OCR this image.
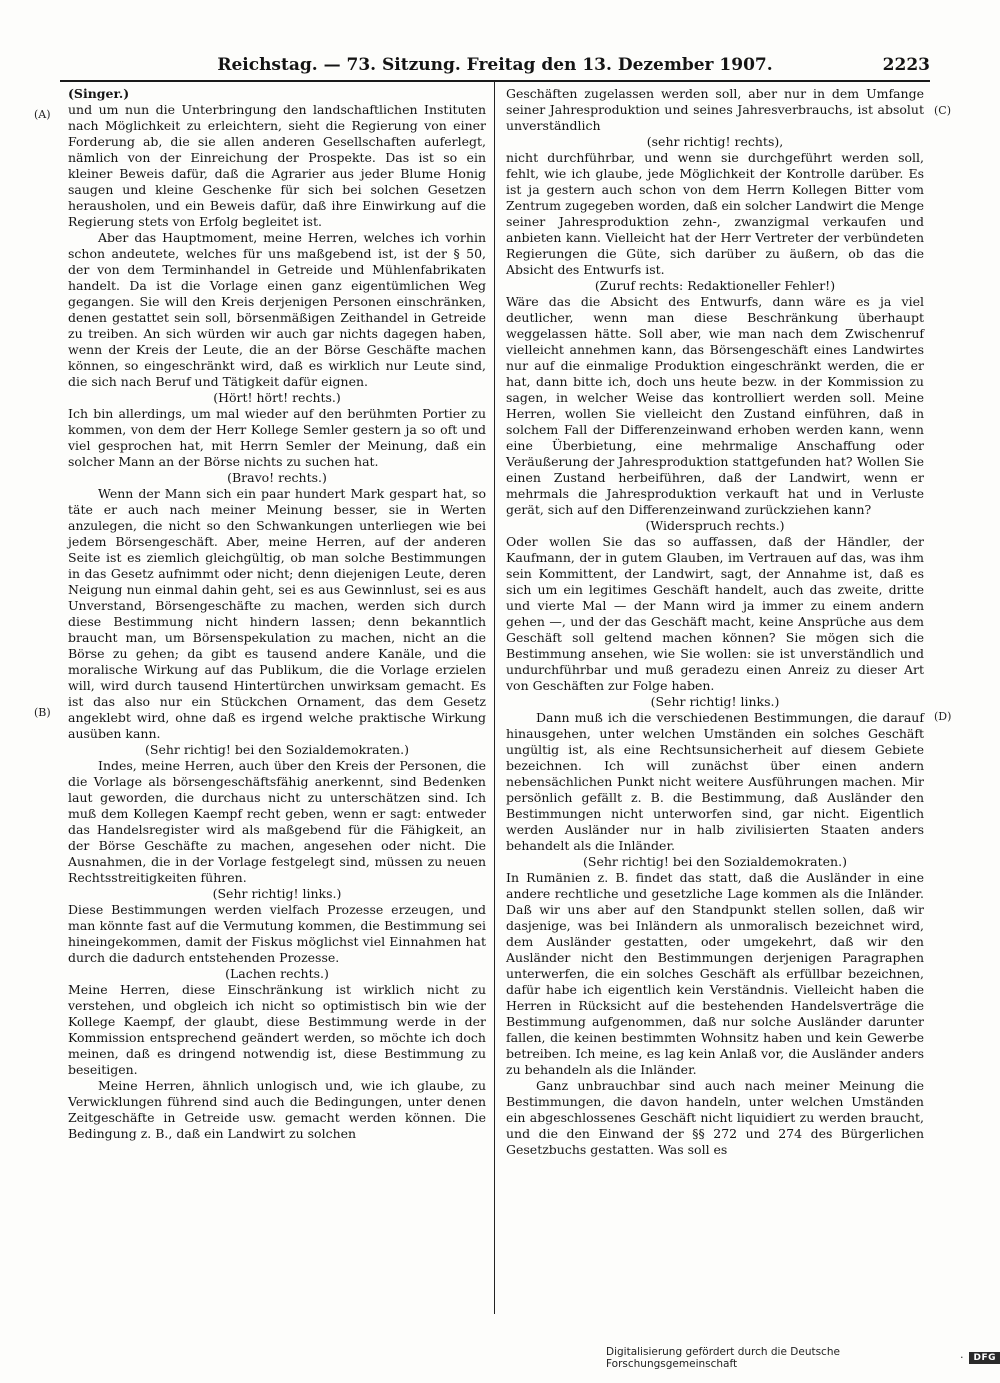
Reichstag. — 73. Sitzung. Freitag den 13. Dezember 1907.	2223
(A)
(B)
(C)
(D)

(Singer.)

und um nun die Unterbringung den landschaftlichen Instituten nach Möglichkeit zu erleichtern, sieht die Regierung von einer Forderung ab, die sie allen anderen Gesellschaften auferlegt, nämlich von der Einreichung der Prospekte. Das ist so ein kleiner Beweis dafür, daß die Agrarier aus jeder Blume Honig saugen und kleine Geschenke für sich bei solchen Gesetzen herausholen, und ein Beweis dafür, daß ihre Einwirkung auf die Regierung stets von Erfolg begleitet ist.

Aber das Hauptmoment, meine Herren, welches ich vorhin schon andeutete, welches für uns maßgebend ist, ist der § 50, der von dem Terminhandel in Getreide und Mühlenfabrikaten handelt. Da ist die Vorlage einen ganz eigentümlichen Weg gegangen. Sie will den Kreis derjenigen Personen einschränken, denen gestattet sein soll, börsenmäßigen Zeithandel in Getreide zu treiben. An sich würden wir auch gar nichts dagegen haben, wenn der Kreis der Leute, die an der Börse Geschäfte machen können, so eingeschränkt wird, daß es wirklich nur Leute sind, die sich nach Beruf und Tätigkeit dafür eignen.

(Hört! hört! rechts.)

Ich bin allerdings, um mal wieder auf den berühmten Portier zu kommen, von dem der Herr Kollege Semler gestern ja so oft und viel gesprochen hat, mit Herrn Semler der Meinung, daß ein solcher Mann an der Börse nichts zu suchen hat.

(Bravo! rechts.)

Wenn der Mann sich ein paar hundert Mark gespart hat, so täte er auch nach meiner Meinung besser, sie in Werten anzulegen, die nicht so den Schwankungen unterliegen wie bei jedem Börsengeschäft. Aber, meine Herren, auf der anderen Seite ist es ziemlich gleichgültig, ob man solche Bestimmungen in das Gesetz aufnimmt oder nicht; denn diejenigen Leute, deren Neigung nun einmal dahin geht, sei es aus Gewinnlust, sei es aus Unverstand, Börsengeschäfte zu machen, werden sich durch diese Bestimmung nicht hindern lassen; denn bekanntlich braucht man, um Börsenspekulation zu machen, nicht an die Börse zu gehen; da gibt es tausend andere Kanäle, und die moralische Wirkung auf das Publikum, die die Vorlage erzielen will, wird durch tausend Hintertürchen unwirksam gemacht. Es ist das also nur ein Stückchen Ornament, das dem Gesetz angeklebt wird, ohne daß es irgend welche praktische Wirkung ausüben kann.

(Sehr richtig! bei den Sozialdemokraten.)

Indes, meine Herren, auch über den Kreis der Personen, die die Vorlage als börsengeschäftsfähig anerkennt, sind Bedenken laut geworden, die durchaus nicht zu unterschätzen sind. Ich muß dem Kollegen Kaempf recht geben, wenn er sagt: entweder das Handelsregister wird als maßgebend für die Fähigkeit, an der Börse Geschäfte zu machen, angesehen oder nicht. Die Ausnahmen, die in der Vorlage festgelegt sind, müssen zu neuen Rechtsstreitigkeiten führen.

(Sehr richtig! links.)

Diese Bestimmungen werden vielfach Prozesse erzeugen, und man könnte fast auf die Vermutung kommen, die Bestimmung sei hineingekommen, damit der Fiskus möglichst viel Einnahmen hat durch die dadurch entstehenden Prozesse.

(Lachen rechts.)

Meine Herren, diese Einschränkung ist wirklich nicht zu verstehen, und obgleich ich nicht so optimistisch bin wie der Kollege Kaempf, der glaubt, diese Bestimmung werde in der Kommission entsprechend geändert werden, so möchte ich doch meinen, daß es dringend notwendig ist, diese Bestimmung zu beseitigen.

Meine Herren, ähnlich unlogisch und, wie ich glaube, zu Verwicklungen führend sind auch die Bedingungen, unter denen Zeitgeschäfte in Getreide usw. gemacht werden können. Die Bedingung z. B., daß ein Landwirt zu solchen

Geschäften zugelassen werden soll, aber nur in dem Umfange seiner Jahresproduktion und seines Jahresverbrauchs, ist absolut unverständlich

(sehr richtig! rechts),

nicht durchführbar, und wenn sie durchgeführt werden soll, fehlt, wie ich glaube, jede Möglichkeit der Kontrolle darüber. Es ist ja gestern auch schon von dem Herrn Kollegen Bitter vom Zentrum zugegeben worden, daß ein solcher Landwirt die Menge seiner Jahresproduktion zehn-, zwanzigmal verkaufen und anbieten kann. Vielleicht hat der Herr Vertreter der verbündeten Regierungen die Güte, sich darüber zu äußern, ob das die Absicht des Entwurfs ist.

(Zuruf rechts: Redaktioneller Fehler!)

Wäre das die Absicht des Entwurfs, dann wäre es ja viel deutlicher, wenn man diese Beschränkung überhaupt weggelassen hätte. Soll aber, wie man nach dem Zwischenruf vielleicht annehmen kann, das Börsengeschäft eines Landwirtes nur auf die einmalige Produktion eingeschränkt werden, die er hat, dann bitte ich, doch uns heute bezw. in der Kommission zu sagen, in welcher Weise das kontrolliert werden soll. Meine Herren, wollen Sie vielleicht den Zustand einführen, daß in solchem Fall der Differenzeinwand erhoben werden kann, wenn eine Überbietung, eine mehrmalige Anschaffung oder Veräußerung der Jahresproduktion stattgefunden hat? Wollen Sie einen Zustand herbeiführen, daß der Landwirt, wenn er mehrmals die Jahresproduktion verkauft hat und in Verluste gerät, sich auf den Differenzeinwand zurückziehen kann?

(Widerspruch rechts.)

Oder wollen Sie das so auffassen, daß der Händler, der Kaufmann, der in gutem Glauben, im Vertrauen auf das, was ihm sein Kommittent, der Landwirt, sagt, der Annahme ist, daß es sich um ein legitimes Geschäft handelt, auch das zweite, dritte und vierte Mal — der Mann wird ja immer zu einem andern gehen —, und der das Geschäft macht, keine Ansprüche aus dem Geschäft soll geltend machen können? Sie mögen sich die Bestimmung ansehen, wie Sie wollen: sie ist unverständlich und undurchführbar und muß geradezu einen Anreiz zu dieser Art von Geschäften zur Folge haben.

(Sehr richtig! links.)

Dann muß ich die verschiedenen Bestimmungen, die darauf hinausgehen, unter welchen Umständen ein solches Geschäft ungültig ist, als eine Rechtsunsicherheit auf diesem Gebiete bezeichnen. Ich will zunächst über einen andern nebensächlichen Punkt nicht weitere Ausführungen machen. Mir persönlich gefällt z. B. die Bestimmung, daß Ausländer den Bestimmungen nicht unterworfen sind, gar nicht. Eigentlich werden Ausländer nur in halb zivilisierten Staaten anders behandelt als die Inländer.

(Sehr richtig! bei den Sozialdemokraten.)

In Rumänien z. B. findet das statt, daß die Ausländer in eine andere rechtliche und gesetzliche Lage kommen als die Inländer. Daß wir uns aber auf den Standpunkt stellen sollen, daß wir dasjenige, was bei Inländern als unmoralisch bezeichnet wird, dem Ausländer gestatten, oder umgekehrt, daß wir den Ausländer nicht den Bestimmungen derjenigen Paragraphen unterwerfen, die ein solches Geschäft als erfüllbar bezeichnen, dafür habe ich eigentlich kein Verständnis. Vielleicht haben die Herren in Rücksicht auf die bestehenden Handelsverträge die Bestimmung aufgenommen, daß nur solche Ausländer darunter fallen, die keinen bestimmten Wohnsitz haben und kein Gewerbe betreiben. Ich meine, es lag kein Anlaß vor, die Ausländer anders zu behandeln als die Inländer.

Ganz unbrauchbar sind auch nach meiner Meinung die Bestimmungen, die davon handeln, unter welchen Umständen ein abgeschlossenes Geschäft nicht liquidiert zu werden braucht, und die den Einwand der §§ 272 und 274 des Bürgerlichen Gesetzbuchs gestatten. Was soll es

Digitalisierung gefördert durch die Deutsche Forschungsgemeinschaft	·	DFG
